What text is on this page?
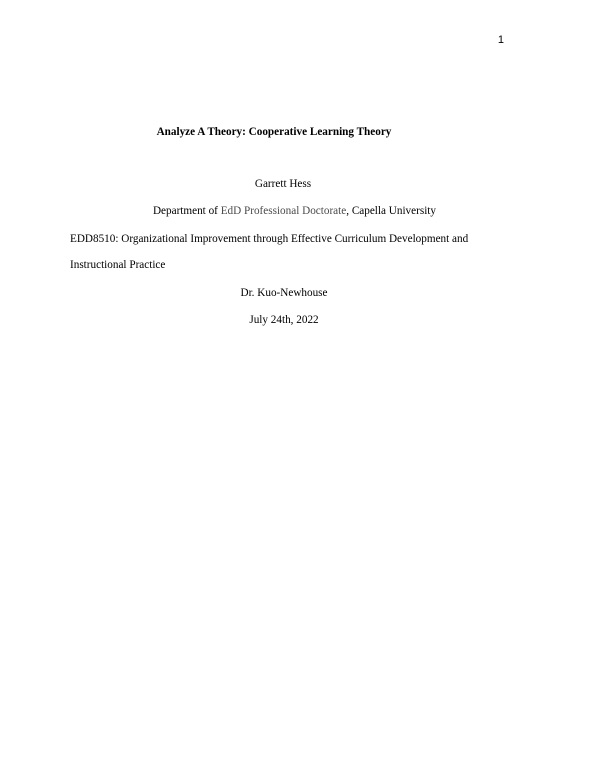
1
Analyze A Theory: Cooperative Learning Theory
Garrett Hess
Department of EdD Professional Doctorate, Capella University
EDD8510: Organizational Improvement through Effective Curriculum Development and
Instructional Practice
Dr. Kuo-Newhouse
July 24th, 2022
